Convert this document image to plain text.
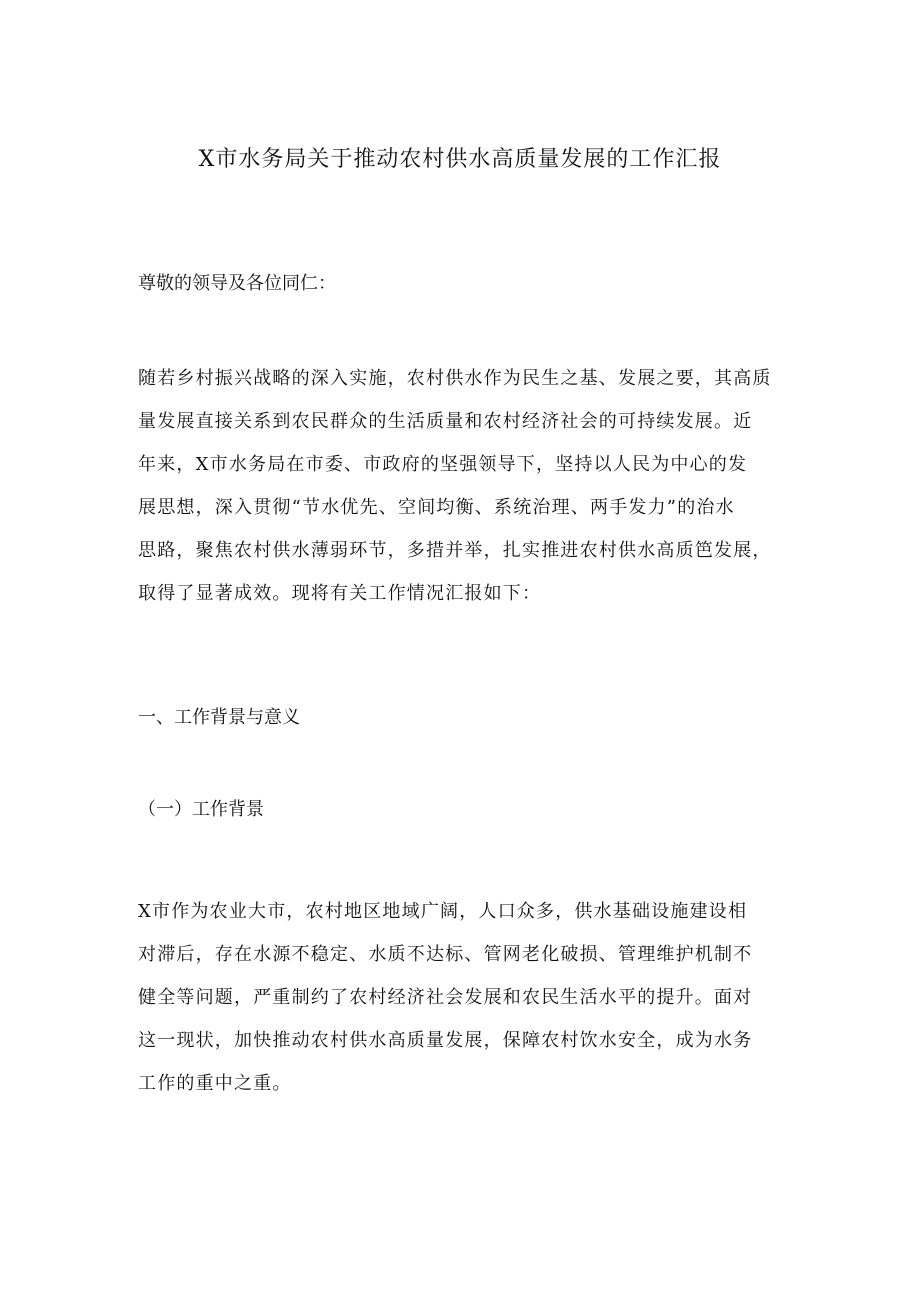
X市水务局关于推动农村供水高质量发展的工作汇报

尊敬的领导及各位同仁：

随若乡村振兴战略的深入实施，农村供水作为民生之基、发展之要，其高质
量发展直接关系到农民群众的生活质量和农村经济社会的可持续发展。近
年来，X市水务局在市委、市政府的坚强领导下，坚持以人民为中心的发
展思想，深入贯彻“节水优先、空间均衡、系统治理、两手发力”的治水
思路，聚焦农村供水薄弱环节，多措并举，扎实推进农村供水高质笆发展，
取得了显著成效。现将有关工作情况汇报如下：
一、工作背景与意义
（一）工作背景
X市作为农业大市，农村地区地域广阔，人口众多，供水基础设施建设相
对滞后，存在水源不稳定、水质不达标、管网老化破损、管理维护机制不
健全等问题，严重制约了农村经济社会发展和农民生活水平的提升。面对
这一现状，加快推动农村供水高质量发展，保障农村饮水安全，成为水务
工作的重中之重。
